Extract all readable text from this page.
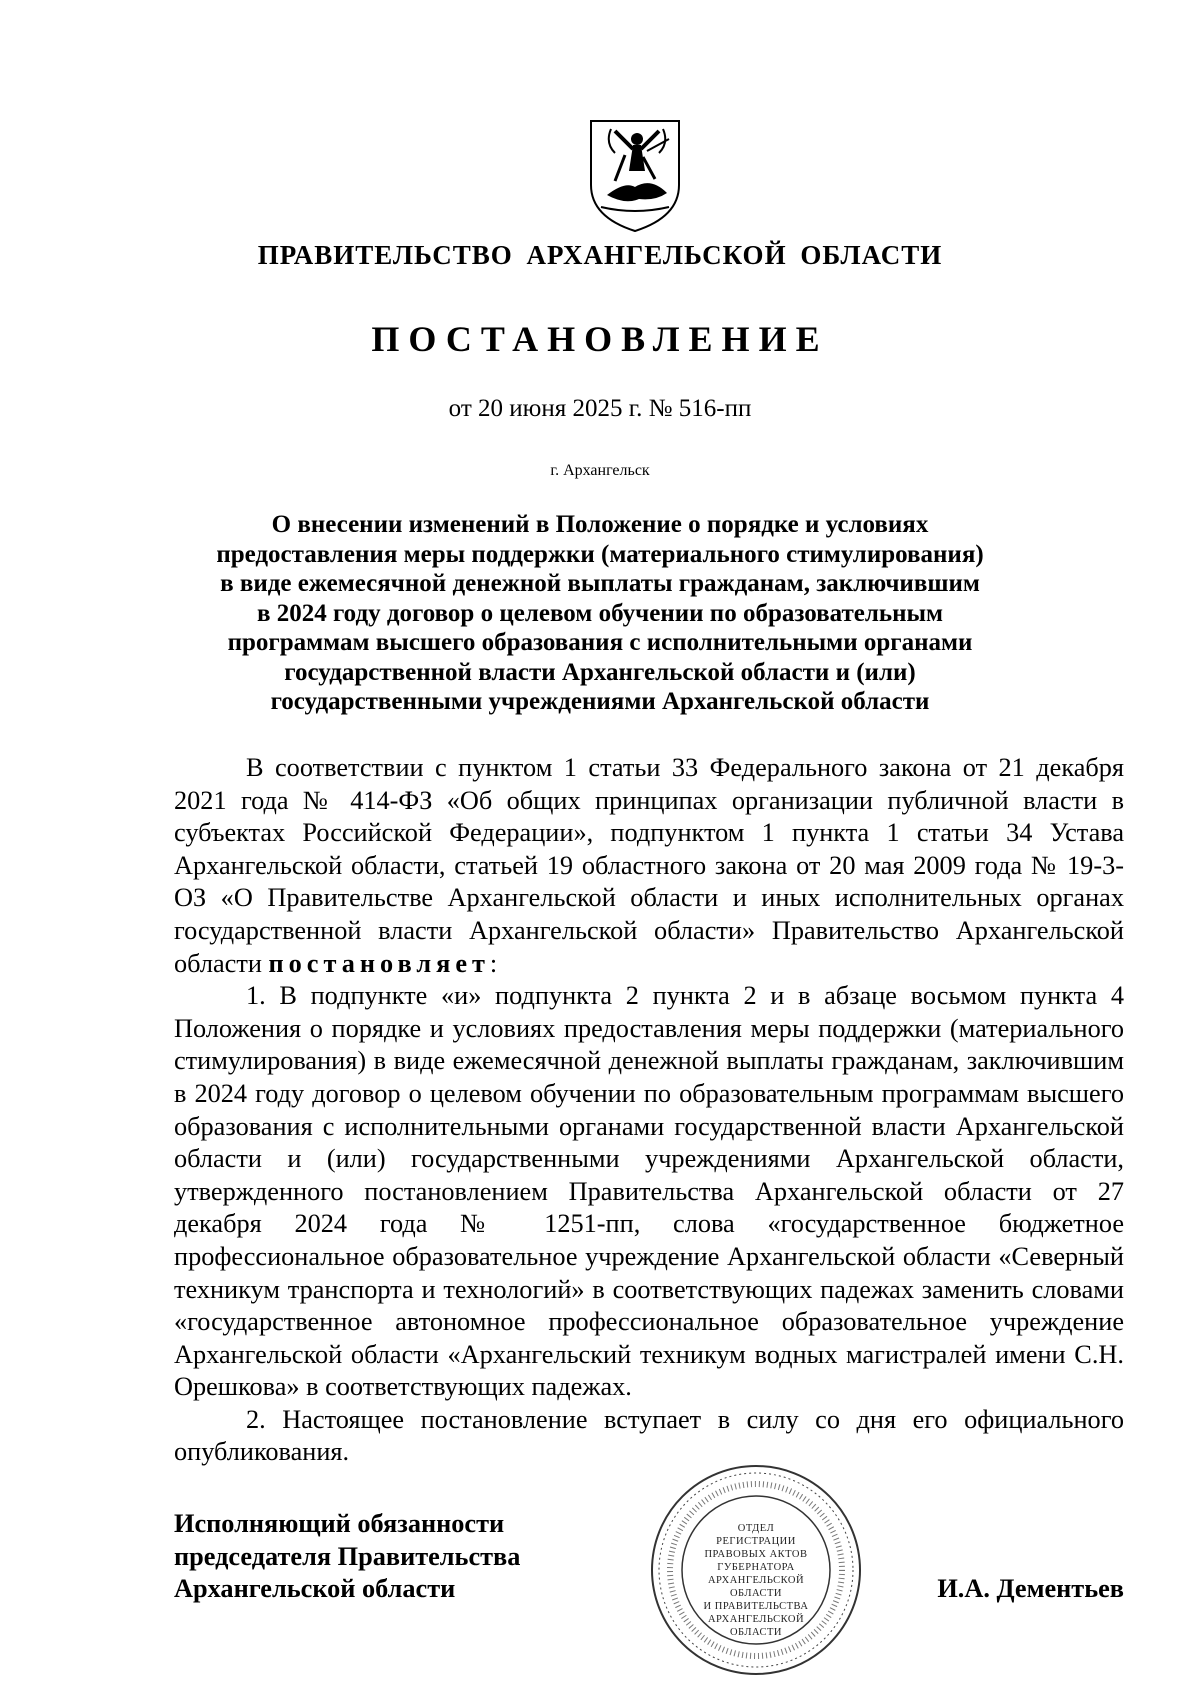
ПРАВИТЕЛЬСТВО АРХАНГЕЛЬСКОЙ ОБЛАСТИ
ПОСТАНОВЛЕНИЕ
от 20 июня 2025 г. № 516-пп
г. Архангельск
О внесении изменений в Положение о порядке и условиях
предоставления меры поддержки (материального стимулирования)
в виде ежемесячной денежной выплаты гражданам, заключившим
в 2024 году договор о целевом обучении по образовательным
программам высшего образования с исполнительными органами
государственной власти Архангельской области и (или)
государственными учреждениями Архангельской области

В соответствии с пунктом 1 статьи 33 Федерального закона от 21 декабря 2021 года № 414-ФЗ «Об общих принципах организации публичной власти в субъектах Российской Федерации», подпунктом 1 пункта 1 статьи 34 Устава Архангельской области, статьей 19 областного закона от 20 мая 2009 года № 19-3-ОЗ «О Правительстве Архангельской области и иных исполнительных органах государственной власти Архангельской области» Правительство Архангельской области постановляет:

1. В подпункте «и» подпункта 2 пункта 2 и в абзаце восьмом пункта 4 Положения о порядке и условиях предоставления меры поддержки (материального стимулирования) в виде ежемесячной денежной выплаты гражданам, заключившим в 2024 году договор о целевом обучении по образовательным программам высшего образования с исполнительными органами государственной власти Архангельской области и (или) государственными учреждениями Архангельской области, утвержденного постановлением Правительства Архангельской области от 27 декабря 2024 года № 1251-пп, слова «государственное бюджетное профессиональное образовательное учреждение Архангельской области «Северный техникум транспорта и технологий» в соответствующих падежах заменить словами «государственное автономное профессиональное образовательное учреждение Архангельской области «Архангельский техникум водных магистралей имени С.Н. Орешкова» в соответствующих падежах.

2. Настоящее постановление вступает в силу со дня его официального опубликования.

Исполняющий обязанности
председателя Правительства
Архангельской области	И.А. Дементьев
ОТДЕЛ
РЕГИСТРАЦИИ
ПРАВОВЫХ АКТОВ
ГУБЕРНАТОРА
АРХАНГЕЛЬСКОЙ
ОБЛАСТИ
И ПРАВИТЕЛЬСТВА
АРХАНГЕЛЬСКОЙ
ОБЛАСТИ
